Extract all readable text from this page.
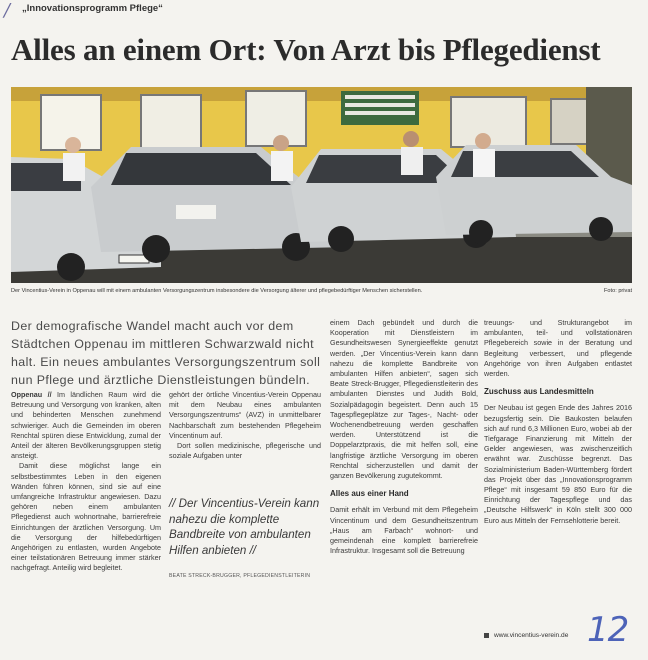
/ „Innovationsprogramm Pflege“
Alles an einem Ort: Von Arzt bis Pflegedienst
Der Vincentius-Verein in Oppenau will mit einem ambulanten Versorgungszentrum insbesondere die Versorgung älterer und pflegebedürftiger Menschen sicherstellen.	Foto: privat

Der demografische Wandel macht auch vor dem Städtchen Oppenau im mittleren Schwarzwald nicht halt. Ein neues ambulantes Versorgungszentrum soll nun Pflege und ärztliche Dienstleistungen bündeln.

Oppenau // Im ländlichen Raum wird die Betreuung und Versorgung von kranken, alten und behinderten Menschen zunehmend schwieriger. Auch die Gemeinden im oberen Renchtal spüren diese Entwicklung, zumal der Anteil der älteren Bevölkerungsgruppen stetig ansteigt.

Damit diese möglichst lange ein selbstbestimmtes Leben in den eigenen Wänden führen können, sind sie auf eine umfangreiche Infrastruktur angewiesen. Dazu gehören neben einem ambulanten Pflegedienst auch wohnortnahe, barrierefreie Einrichtungen der ärztlichen Versorgung. Um die Versorgung der hilfebedürftigen Angehörigen zu entlasten, wurden Angebote einer teilstationären Betreuung immer stärker nachgefragt. Anteilig wird begleitet.

gehört der örtliche Vincentius-Verein Oppenau mit dem Neubau eines ambulanten Versorgungszentrums“ (AVZ) in unmittelbarer Nachbarschaft zum bestehenden Pflegeheim Vincentinum auf.

Dort sollen medizinische, pflegerische und soziale Aufgaben unter

// Der Vincentius-Verein kann nahezu die komplette Bandbreite von ambulanten Hilfen anbieten //
BEATE STRECK-BRUGGER, PFLEGEDIENSTLEITERIN

einem Dach gebündelt und durch die Kooperation mit Dienstleistern im Gesundheitswesen Synergieeffekte genutzt werden. „Der Vincentius-Verein kann dann nahezu die komplette Bandbreite von ambulanten Hilfen anbieten“, sagen sich Beate Streck-Brugger, Pflegedienstleiterin des ambulanten Dienstes und Judith Bold, Sozialpädagogin begeistert. Denn auch 15 Tagespflegeplätze zur Tages-, Nacht- oder Wochenendbetreuung werden geschaffen werden. Unterstützend ist die Doppelarztpraxis, die mit helfen soll, eine langfristige ärztliche Versorgung im oberen Renchtal sicherzustellen und damit der ganzen Bevölkerung zugutekommt.

Alles aus einer Hand

Damit erhält im Verbund mit dem Pflegeheim Vincentinum und dem Gesundheitszentrum „Haus am Farbach“ wohnort- und gemeindenah eine komplett barrierefreie Infrastruktur. Insgesamt soll die Betreuung

treuungs- und Strukturangebot im ambulanten, teil- und vollstationären Pflegebereich sowie in der Beratung und Begleitung verbessert, und pflegende Angehörige von ihren Aufgaben entlastet werden.

Zuschuss aus Landesmitteln

Der Neubau ist gegen Ende des Jahres 2016 bezugsfertig sein. Die Baukosten belaufen sich auf rund 6,3 Millionen Euro, wobei ab der Tiefgarage Finanzierung mit Mitteln der Gelder angewiesen, was zwischenzeitlich erwähnt war. Zuschüsse begrenzt. Das Sozialministerium Baden-Württemberg fördert das Projekt über das „Innovationsprogramm Pflege“ mit insgesamt 59 850 Euro für die Einrichtung der Tagespflege und das „Deutsche Hilfswerk“ in Köln stellt 300 000 Euro aus Mitteln der Fernsehlotterie bereit.

www.vincentius-verein.de 12
